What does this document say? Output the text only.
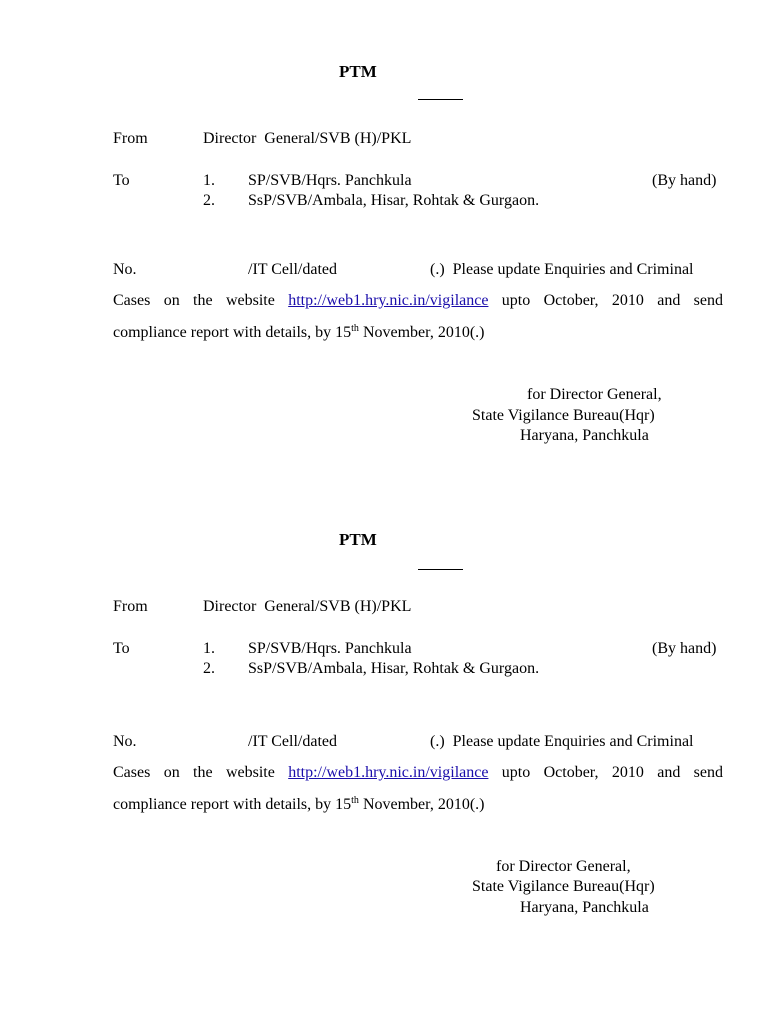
PTM
From	Director  General/SVB (H)/PKL
To	1. SP/SVB/Hqrs. Panchkula	(By hand)
2. SsP/SVB/Ambala, Hisar, Rohtak & Gurgaon.
No.	/IT Cell/dated	(.)  Please update Enquiries and Criminal
Cases on the website http://web1.hry.nic.in/vigilance upto October, 2010 and send
compliance report with details, by 15th November, 2010(.)
for Director General,
State Vigilance Bureau(Hqr)
Haryana, Panchkula
PTM
From	Director  General/SVB (H)/PKL
To	1. SP/SVB/Hqrs. Panchkula	(By hand)
2. SsP/SVB/Ambala, Hisar, Rohtak & Gurgaon.
No.	/IT Cell/dated	(.)  Please update Enquiries and Criminal
Cases on the website http://web1.hry.nic.in/vigilance upto October, 2010 and send
compliance report with details, by 15th November, 2010(.)
for Director General,
State Vigilance Bureau(Hqr)
Haryana, Panchkula
